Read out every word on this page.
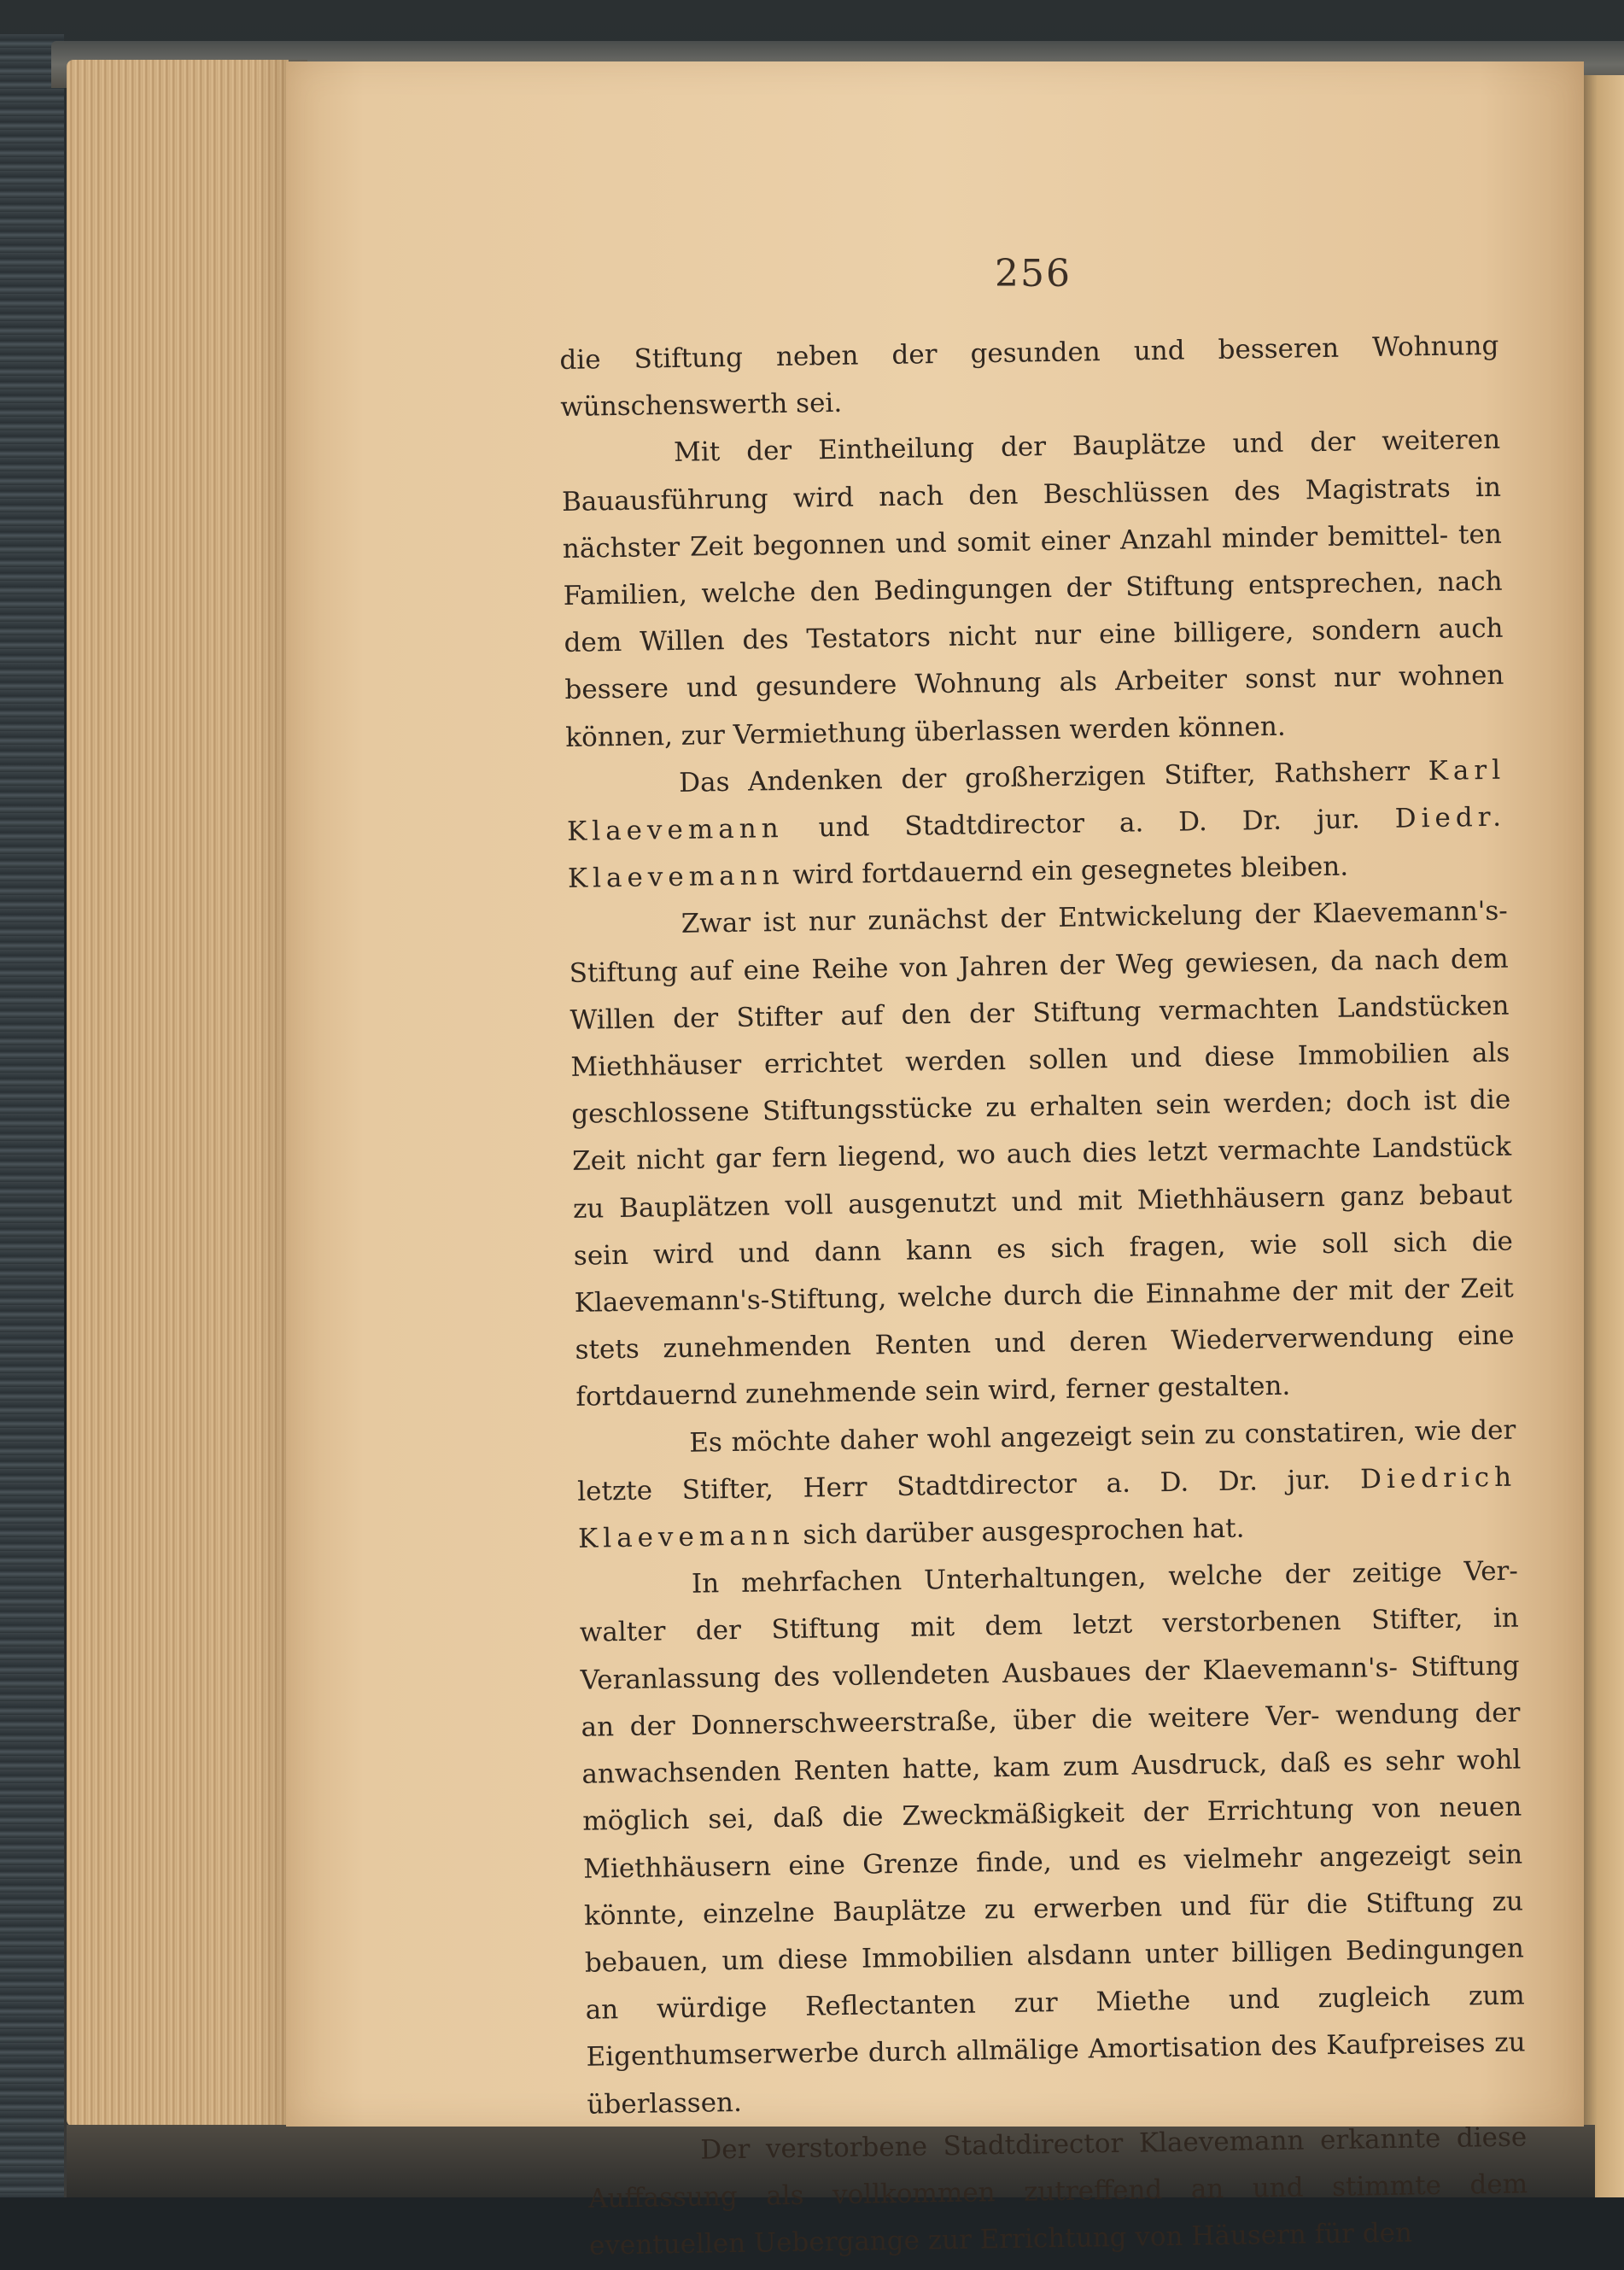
256

die Stiftung neben der gesunden und besseren Wohnung wünschenswerth sei.

Mit der Eintheilung der Bauplätze und der weiteren Bauausführung wird nach den Beschlüssen des Magistrats in nächster Zeit begonnen und somit einer Anzahl minder bemittel- ten Familien, welche den Bedingungen der Stiftung entsprechen, nach dem Willen des Testators nicht nur eine billigere, sondern auch bessere und gesundere Wohnung als Arbeiter sonst nur wohnen können, zur Vermiethung überlassen werden können.

Das Andenken der großherzigen Stifter, Rathsherr Karl Klaevemann und Stadtdirector a. D. Dr. jur. Diedr. Klaevemann wird fortdauernd ein gesegnetes bleiben.

Zwar ist nur zunächst der Entwickelung der Klaevemann's- Stiftung auf eine Reihe von Jahren der Weg gewiesen, da nach dem Willen der Stifter auf den der Stiftung vermachten Landstücken Miethhäuser errichtet werden sollen und diese Immobilien als geschlossene Stiftungsstücke zu erhalten sein werden; doch ist die Zeit nicht gar fern liegend, wo auch dies letzt vermachte Landstück zu Bauplätzen voll ausgenutzt und mit Miethhäusern ganz bebaut sein wird und dann kann es sich fragen, wie soll sich die Klaevemann's-Stiftung, welche durch die Einnahme der mit der Zeit stets zunehmenden Renten und deren Wiederverwendung eine fortdauernd zunehmende sein wird, ferner gestalten.

Es möchte daher wohl angezeigt sein zu constatiren, wie der letzte Stifter, Herr Stadtdirector a. D. Dr. jur. Diedrich Klaevemann sich darüber ausgesprochen hat.

In mehrfachen Unterhaltungen, welche der zeitige Ver- walter der Stiftung mit dem letzt verstorbenen Stifter, in Veranlassung des vollendeten Ausbaues der Klaevemann's- Stiftung an der Donnerschweerstraße, über die weitere Ver- wendung der anwachsenden Renten hatte, kam zum Ausdruck, daß es sehr wohl möglich sei, daß die Zweckmäßigkeit der Errichtung von neuen Miethhäusern eine Grenze finde, und es vielmehr angezeigt sein könnte, einzelne Bauplätze zu erwerben und für die Stiftung zu bebauen, um diese Immobilien alsdann unter billigen Bedingungen an würdige Reflectanten zur Miethe und zugleich zum Eigenthumserwerbe durch allmälige Amortisation des Kaufpreises zu überlassen.

Der verstorbene Stadtdirector Klaevemann erkannte diese Auffassung als vollkommen zutreffend an und stimmte dem eventuellen Uebergange zur Errichtung von Häusern für den
